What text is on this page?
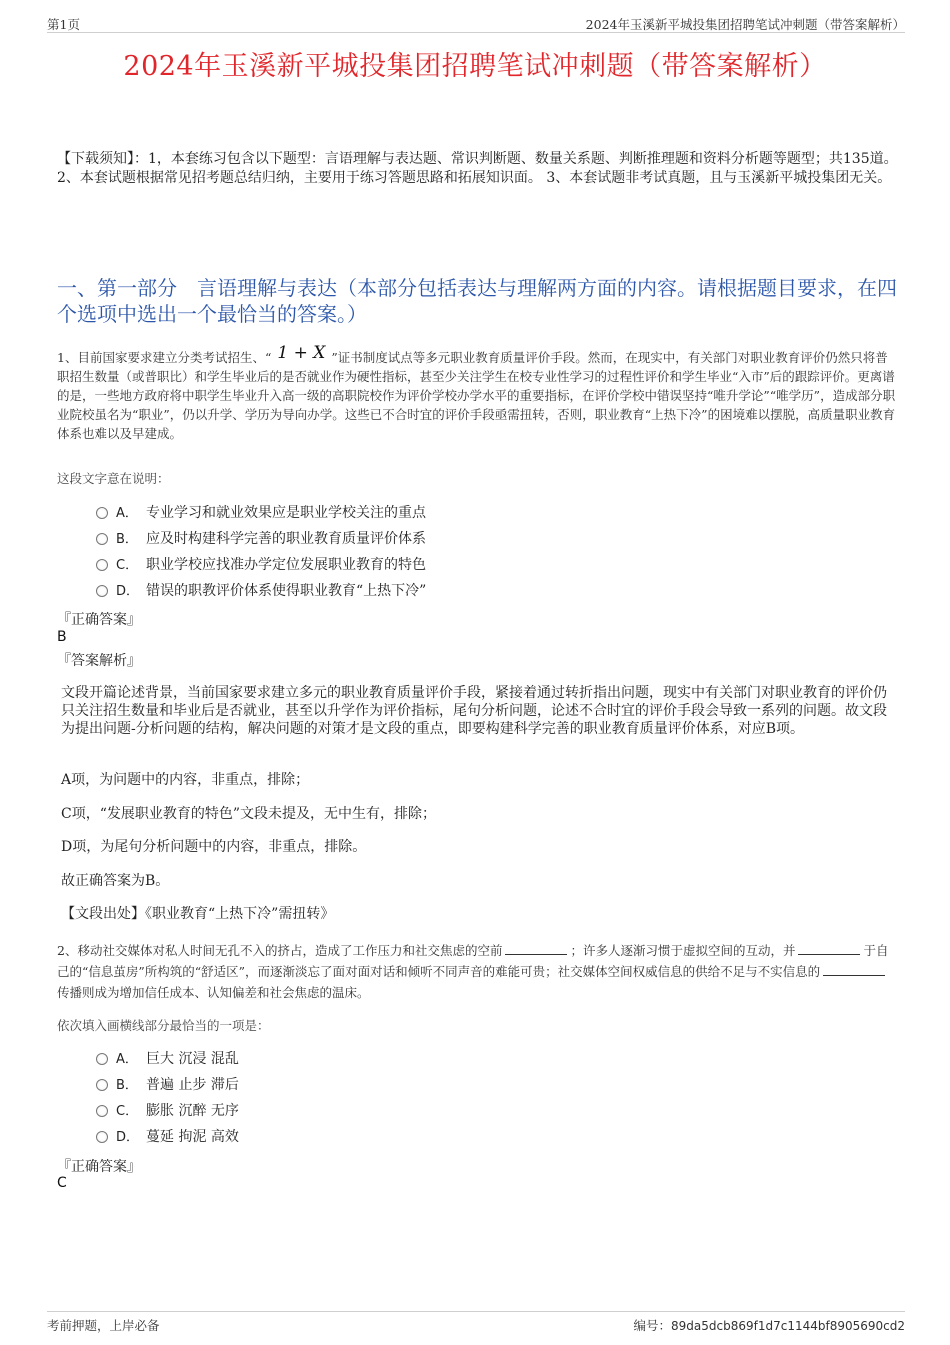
第1页	2024年玉溪新平城投集团招聘笔试冲刺题（带答案解析）
2024年玉溪新平城投集团招聘笔试冲刺题（带答案解析）
【下载须知】：1，本套练习包含以下题型：言语理解与表达题、常识判断题、数量关系题、判断推理题和资料分析题等题型；共135道。 2、本套试题根据常见招考题总结归纳，主要用于练习答题思路和拓展知识面。 3、本套试题非考试真题，且与玉溪新平城投集团无关。
一、第一部分　言语理解与表达（本部分包括表达与理解两方面的内容。请根据题目要求，在四个选项中选出一个最恰当的答案。）
1、目前国家要求建立分类考试招生、“ 1 + X ”证书制度试点等多元职业教育质量评价手段。然而，在现实中，有关部门对职业教育评价仍然只将普职招生数量（或普职比）和学生毕业后的是否就业作为硬性指标，甚至少关注学生在校专业性学习的过程性评价和学生毕业“入市”后的跟踪评价。更离谱的是，一些地方政府将中职学生毕业升入高一级的高职院校作为评价学校办学水平的重要指标，在评价学校中错误坚持“唯升学论”“唯学历”，造成部分职业院校虽名为“职业”，仍以升学、学历为导向办学。这些已不合时宜的评价手段亟需扭转，否则，职业教育“上热下冷”的困境难以摆脱，高质量职业教育体系也难以及早建成。
这段文字意在说明：
A． 专业学习和就业效果应是职业学校关注的重点
B． 应及时构建科学完善的职业教育质量评价体系
C． 职业学校应找准办学定位发展职业教育的特色
D． 错误的职教评价体系使得职业教育“上热下冷”
『正确答案』
B
『答案解析』
文段开篇论述背景，当前国家要求建立多元的职业教育质量评价手段，紧接着通过转折指出问题，现实中有关部门对职业教育的评价仍只关注招生数量和毕业后是否就业，甚至以升学作为评价指标，尾句分析问题，论述不合时宜的评价手段会导致一系列的问题。故文段为提出问题-分析问题的结构，解决问题的对策才是文段的重点，即要构建科学完善的职业教育质量评价体系，对应B项。
A项，为问题中的内容，非重点，排除；
C项，“发展职业教育的特色”文段未提及，无中生有，排除；
D项，为尾句分析问题中的内容，非重点，排除。
故正确答案为B。
【文段出处】《职业教育“上热下冷”需扭转》
2、移动社交媒体对私人时间无孔不入的挤占，造成了工作压力和社交焦虑的空前	；许多人逐渐习惯于虚拟空间的互动，并	于自己的“信息茧房”所构筑的“舒适区”，而逐渐淡忘了面对面对话和倾听不同声音的难能可贵；社交媒体空间权威信息的供给不足与不实信息的传播则成为增加信任成本、认知偏差和社会焦虑的温床。
依次填入画横线部分最恰当的一项是：
A． 巨大 沉浸 混乱
B． 普遍 止步 滞后
C． 膨胀 沉醉 无序
D． 蔓延 拘泥 高效
『正确答案』
C
考前押题，上岸必备	编号：89da5dcb869f1d7c1144bf8905690cd2
